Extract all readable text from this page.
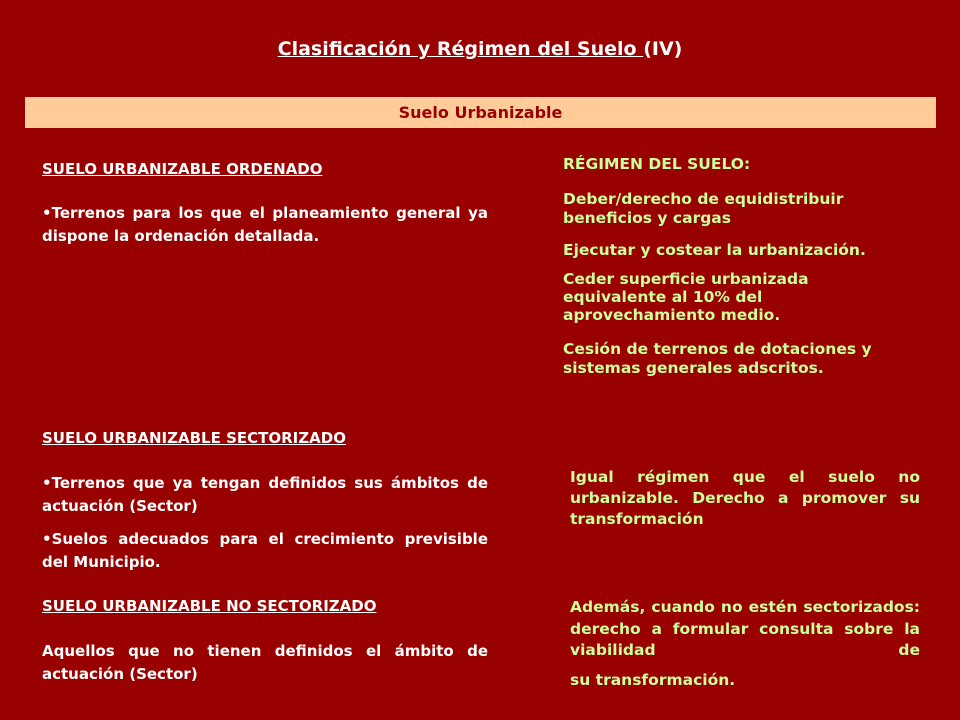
Clasificación y Régimen del Suelo (IV)
Suelo Urbanizable
SUELO URBANIZABLE ORDENADO
•Terrenos para los que el planeamiento general ya dispone la ordenación detallada.
RÉGIMEN DEL SUELO:
Deber/derecho de equidistribuir beneficios y cargas
Ejecutar y costear la urbanización.
Ceder superficie urbanizada equivalente al 10% del aprovechamiento medio.
Cesión de terrenos de dotaciones y sistemas generales adscritos.
SUELO URBANIZABLE SECTORIZADO
•Terrenos que ya tengan definidos sus ámbitos de actuación (Sector)
•Suelos adecuados para el crecimiento previsible del Municipio.
Igual régimen que el suelo no urbanizable. Derecho a promover su transformación
SUELO URBANIZABLE NO SECTORIZADO
Aquellos que no tienen definidos el ámbito de actuación (Sector)
Además, cuando no estén sectorizados: derecho a formular consulta sobre la viabilidad de
su transformación.
